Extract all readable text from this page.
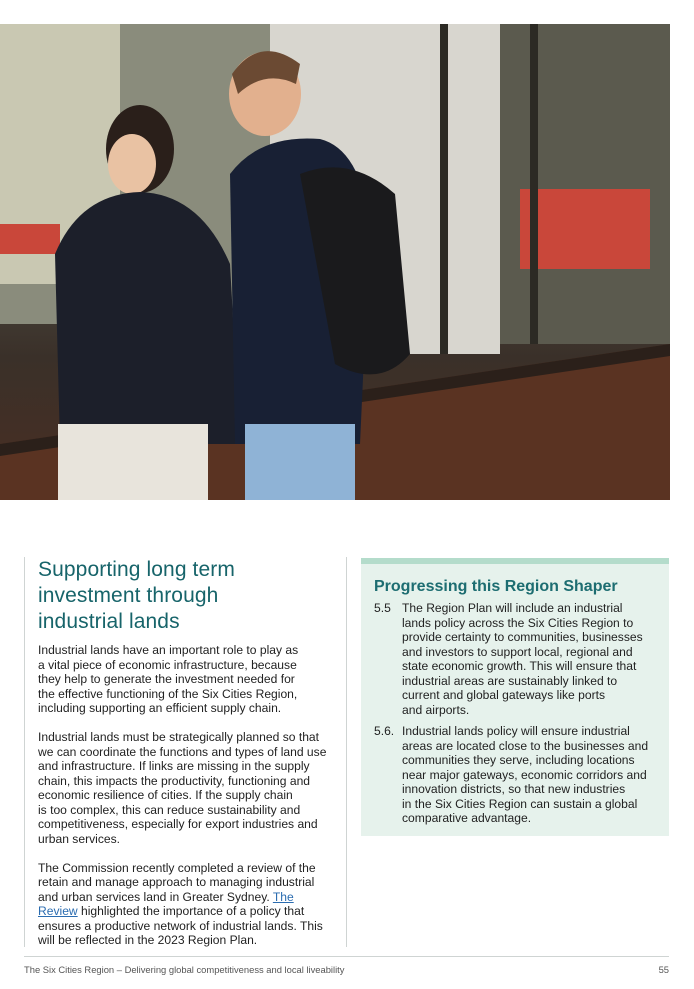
Supporting long term
investment through
industrial lands

Industrial lands have an important role to play as
a vital piece of economic infrastructure, because
they help to generate the investment needed for
the effective functioning of the Six Cities Region,
including supporting an efficient supply chain.

Industrial lands must be strategically planned so that
we can coordinate the functions and types of land use
and infrastructure. If links are missing in the supply
chain, this impacts the productivity, functioning and
economic resilience of cities. If the supply chain
is too complex, this can reduce sustainability and
competitiveness, especially for export industries and
urban services.

The Commission recently completed a review of the
retain and manage approach to managing industrial
and urban services land in Greater Sydney. The
Review highlighted the importance of a policy that
ensures a productive network of industrial lands. This
will be reflected in the 2023 Region Plan.

Progressing this Region Shaper
5.5 The Region Plan will include an industrial
lands policy across the Six Cities Region to
provide certainty to communities, businesses
and investors to support local, regional and
state economic growth. This will ensure that
industrial areas are sustainably linked to
current and global gateways like ports
and airports.
5.6. Industrial lands policy will ensure industrial
areas are located close to the businesses and
communities they serve, including locations
near major gateways, economic corridors and
innovation districts, so that new industries
in the Six Cities Region can sustain a global
comparative advantage.
The Six Cities Region – Delivering global competitiveness and local liveability	55
